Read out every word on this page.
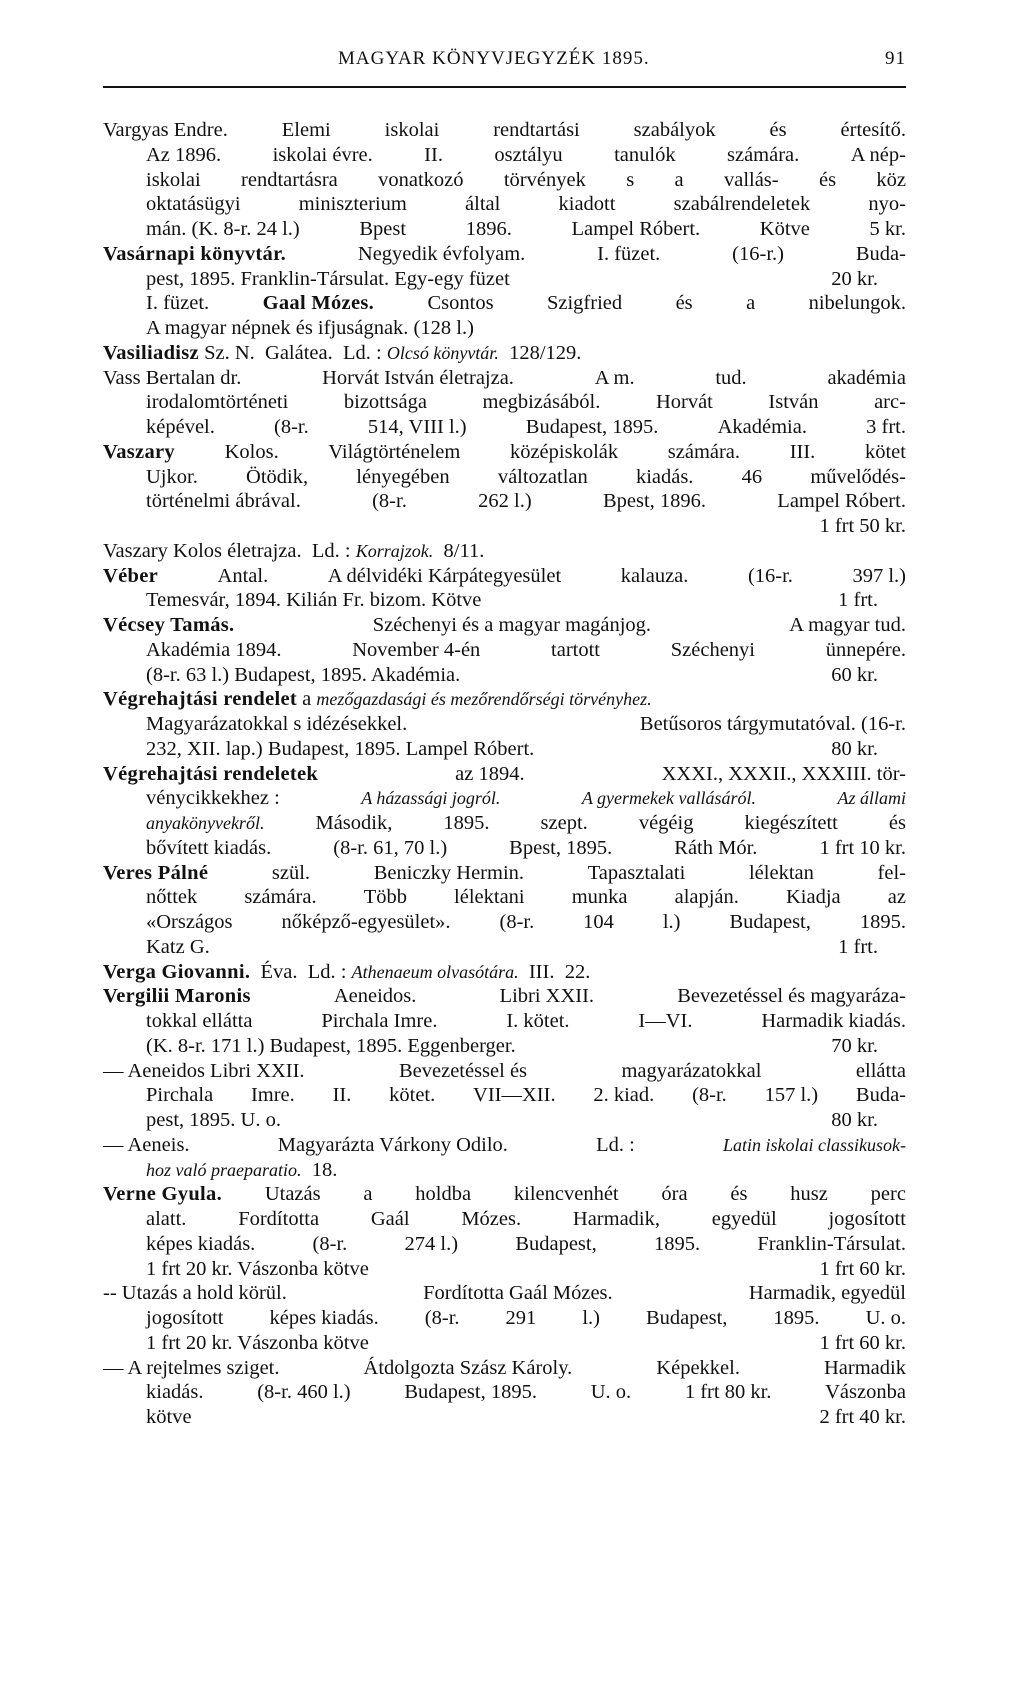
MAGYAR KÖNYVJEGYZÉK 1895.	91
Vargyas Endre.	Elemi	iskolai	rendtartási	szabályok	és	értesítő.
Az 1896.	iskolai évre.	II.	osztályu	tanulók	számára.	A nép-
iskolai rendtartásra vonatkozó törvények s a vallás- és köz
oktatásügyi	miniszterium	által	kiadott	szabálrendeletek	nyo-
mán. (K. 8-r. 24 l.)	Bpest	1896.	Lampel Róbert.	Kötve	5 kr.
Vasárnapi könyvtár.	Negyedik évfolyam.	I. füzet.	(16-r.)	Buda-
pest, 1895. Franklin-Társulat. Egy-egy füzet	20 kr.
I. füzet.	Gaal Mózes.	Csontos	Szigfried	és	a	nibelungok.
A magyar népnek és ifjuságnak. (128 l.)
Vasiliadisz Sz. N.  Galátea.  Ld. : Olcsó könyvtár. 128/129.
Vass Bertalan dr.	Horvát István életrajza.	A m.	tud.	akadémia
irodalomtörténeti	bizottsága	megbizásából.	Horvát	István	arc-
képével.	(8-r.	514, VIII l.)	Budapest, 1895.	Akadémia.	3 frt.
Vaszary Kolos. Világtörténelem középiskolák számára. III. kötet
Ujkor. Ötödik, lényegében változatlan kiadás. 46 művelődés-
történelmi ábrával.	(8-r.	262 l.)	Bpest, 1896.	Lampel Róbert.
1 frt 50 kr.
Vaszary Kolos életrajza.  Ld. : Korrajzok. 8/11.
Véber	Antal.	A délvidéki Kárpátegyesület	kalauza.	(16-r.	397 l.)
Temesvár, 1894. Kilián Fr. bizom. Kötve	1 frt.
Vécsey Tamás.	Széchenyi és a magyar magánjog.	A magyar tud.
Akadémia 1894.	November 4-én	tartott	Széchenyi	ünnepére.
(8-r. 63 l.) Budapest, 1895. Akadémia.	60 kr.
Végrehajtási rendelet a mezőgazdasági és mezőrendőrségi törvényhez.
Magyarázatokkal s idézésekkel.	Betűsoros tárgymutatóval. (16-r.
232, XII. lap.) Budapest, 1895. Lampel Róbert.	80 kr.
Végrehajtási rendeletek	az 1894.	XXXI., XXXII., XXXIII. tör-
vénycikkekhez :	A házassági jogról.	A gyermekek vallásáról.	Az állami
anyakönyvekről. Második, 1895. szept. végéig kiegészített és
bővített kiadás.	(8-r. 61, 70 l.)	Bpest, 1895.	Ráth Mór.	1 frt 10 kr.
Veres Pálné	szül.	Beniczky Hermin.	Tapasztalati	lélektan	fel-
nőttek számára. Több lélektani munka alapján. Kiadja az
«Országos nőképző-egyesület». (8-r. 104 l.) Budapest, 1895.
Katz G.	1 frt.
Verga Giovanni. Éva.  Ld. : Athenaeum olvasótára. III.  22.
Vergilii Maronis	Aeneidos.	Libri XXII.	Bevezetéssel és magyaráza-
tokkal ellátta	Pirchala Imre.	I. kötet.	I—VI.	Harmadik kiadás.
(K. 8-r. 171 l.) Budapest, 1895. Eggenberger.	70 kr.
— Aeneidos Libri XXII.	Bevezetéssel és	magyarázatokkal	ellátta
Pirchala Imre. II. kötet. VII—XII. 2. kiad. (8-r. 157 l.) Buda-
pest, 1895. U. o.	80 kr.
— Aeneis.	Magyarázta Várkony Odilo.	Ld. :	Latin iskolai classikusok-
hoz való praeparatio. 18.
Verne Gyula. Utazás a holdba kilencvenhét óra és husz perc
alatt.	Fordította	Gaál	Mózes.	Harmadik,	egyedül	jogosított
képes kiadás.	(8-r.	274 l.)	Budapest,	1895.	Franklin-Társulat.
1 frt 20 kr. Vászonba kötve	1 frt 60 kr.
-- Utazás a hold körül.	Fordította Gaál Mózes.	Harmadik, egyedül
jogosított képes kiadás. (8-r. 291 l.) Budapest, 1895. U. o.
1 frt 20 kr. Vászonba kötve	1 frt 60 kr.
— A rejtelmes sziget.	Átdolgozta Szász Károly.	Képekkel.	Harmadik
kiadás.	(8-r. 460 l.)	Budapest, 1895.	U. o.	1 frt 80 kr.	Vászonba
kötve	2 frt 40 kr.
